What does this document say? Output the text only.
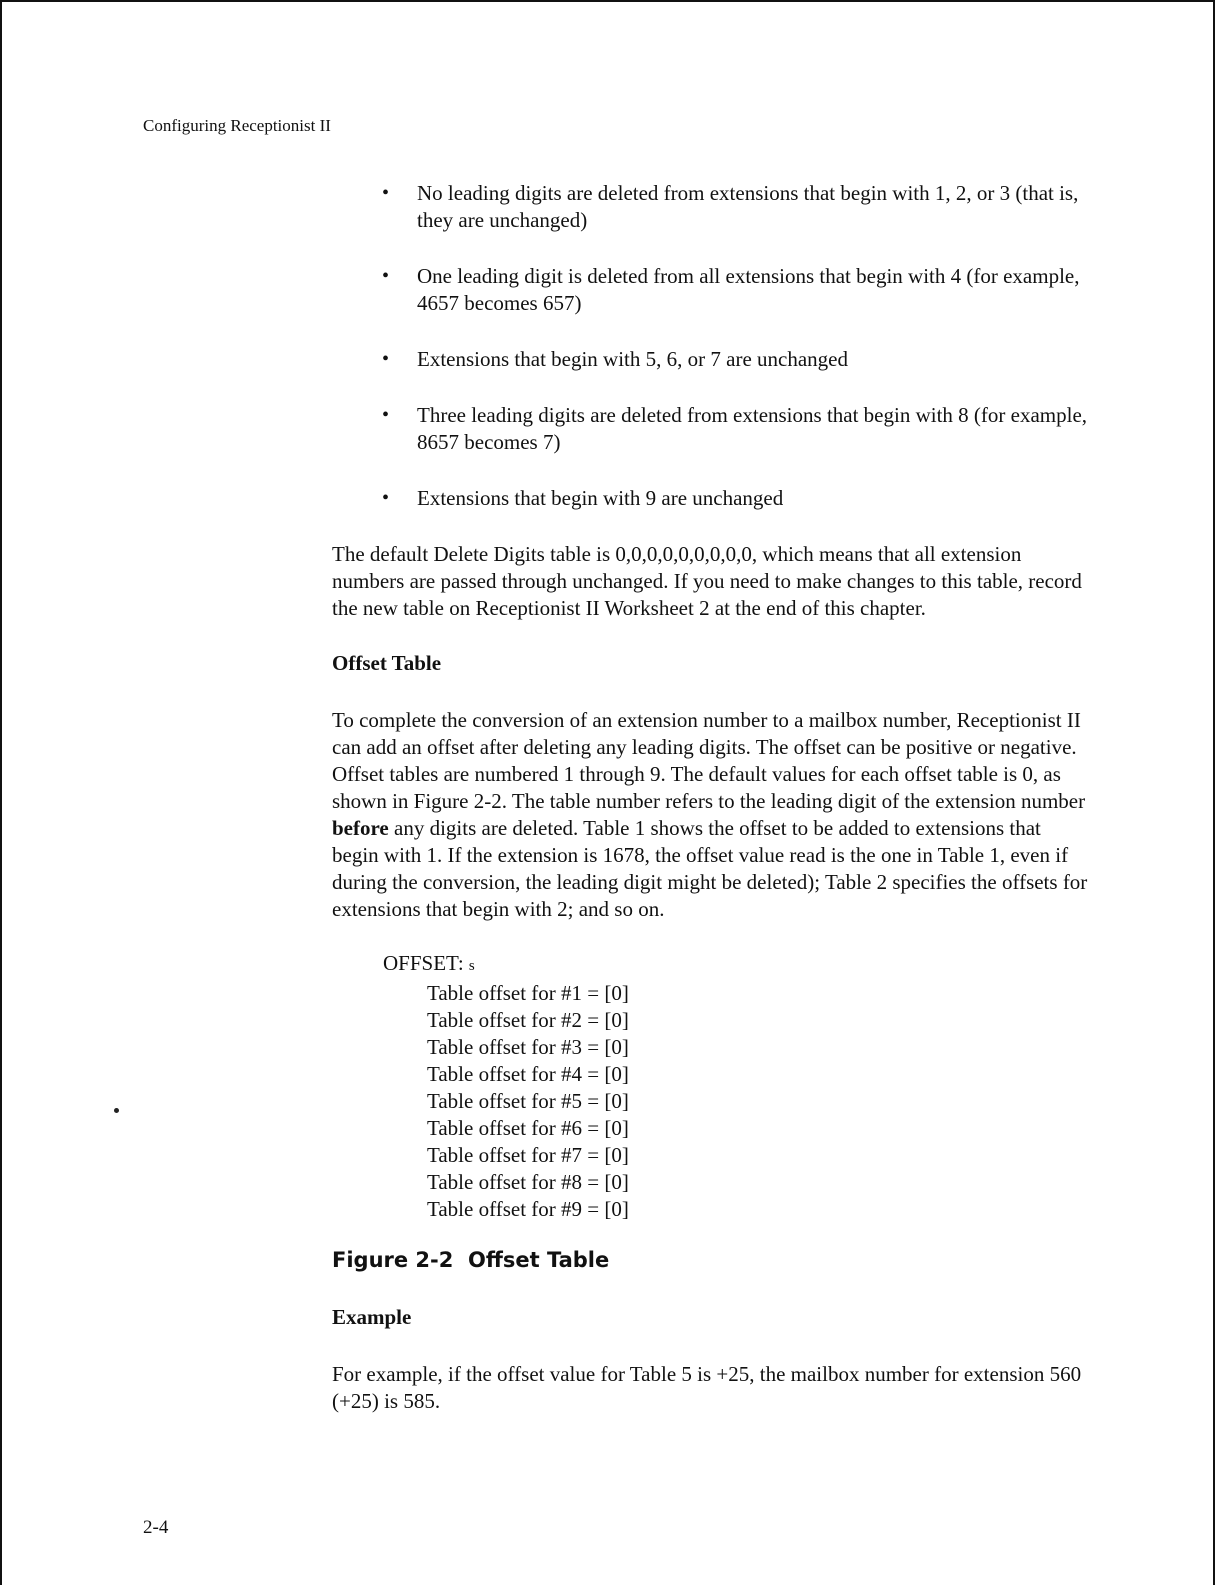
Configuring Receptionist II
• No leading digits are deleted from extensions that begin with 1, 2, or 3 (that is, they are unchanged)
• One leading digit is deleted from all extensions that begin with 4 (for example, 4657 becomes 657)
• Extensions that begin with 5, 6, or 7 are unchanged
• Three leading digits are deleted from extensions that begin with 8 (for example, 8657 becomes 7)
• Extensions that begin with 9 are unchanged

The default Delete Digits table is 0,0,0,0,0,0,0,0,0, which means that all extension numbers are passed through unchanged. If you need to make changes to this table, record the new table on Receptionist II Worksheet 2 at the end of this chapter.

Offset Table

To complete the conversion of an extension number to a mailbox number, Receptionist II can add an offset after deleting any leading digits. The offset can be positive or negative. Offset tables are numbered 1 through 9. The default values for each offset table is 0, as shown in Figure 2-2. The table number refers to the leading digit of the extension number before any digits are deleted. Table 1 shows the offset to be added to extensions that begin with 1. If the extension is 1678, the offset value read is the one in Table 1, even if during the conversion, the leading digit might be deleted); Table 2 specifies the offsets for extensions that begin with 2; and so on.

OFFSET: s
Table offset for #1 = [0]
Table offset for #2 = [0]
Table offset for #3 = [0]
Table offset for #4 = [0]
Table offset for #5 = [0]
Table offset for #6 = [0]
Table offset for #7 = [0]
Table offset for #8 = [0]
Table offset for #9 = [0]
Figure 2-2  Offset Table
Example

For example, if the offset value for Table 5 is +25, the mailbox number for extension 560 (+25) is 585.

2-4
